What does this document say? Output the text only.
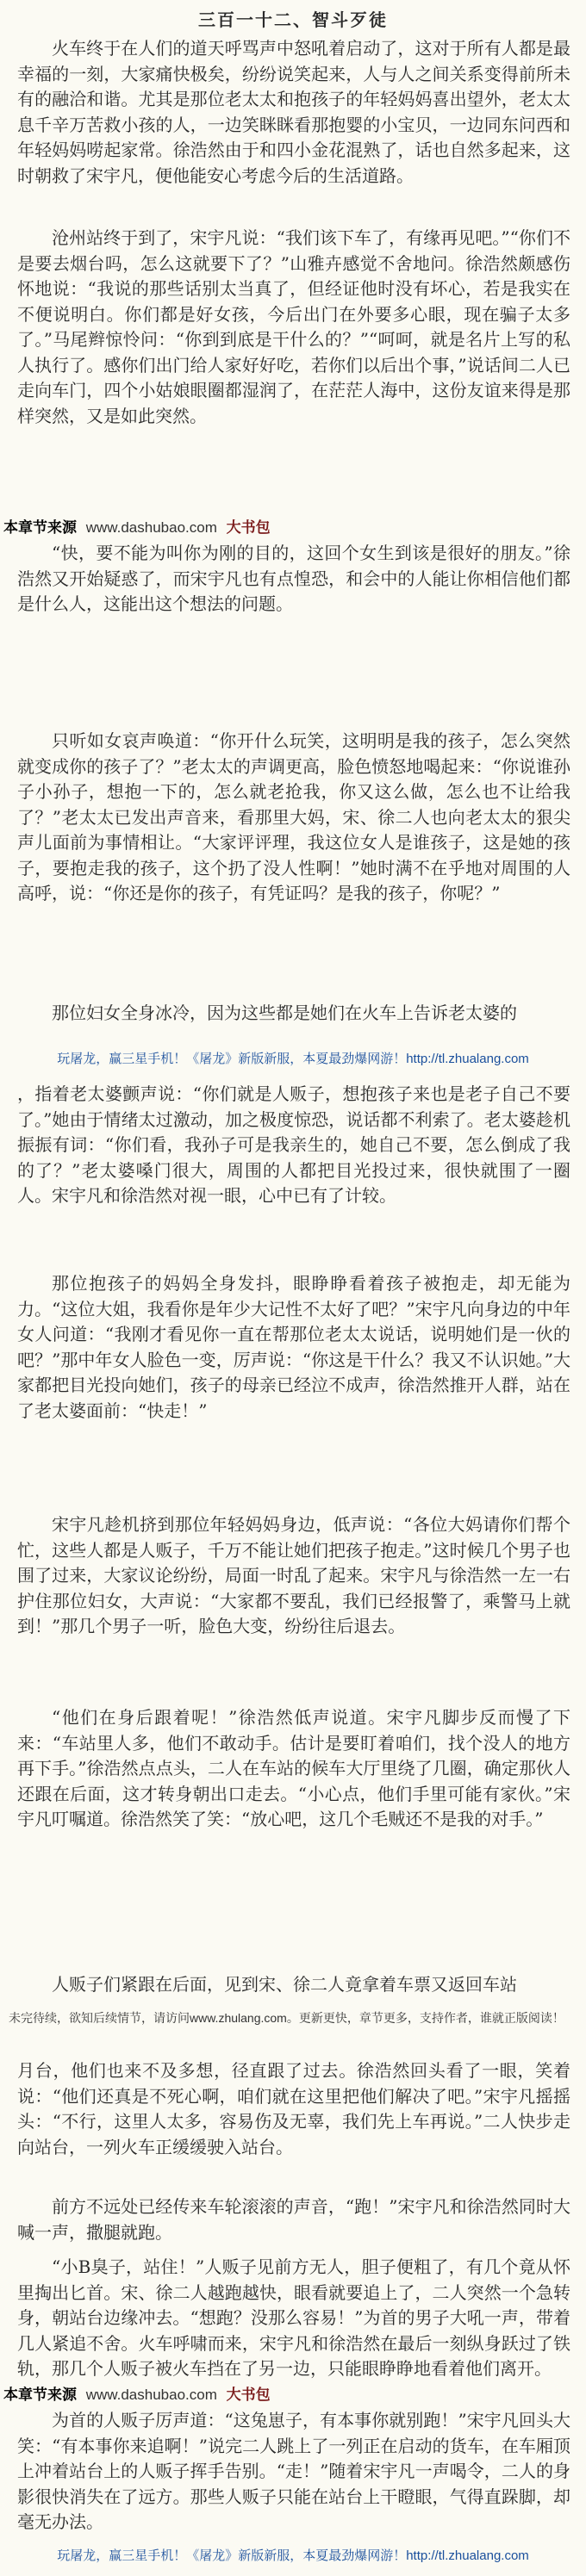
三百一十二、智斗歹徒
火车终于在人们的道天呼骂声中怒吼着启动了，这对于所有人都是最幸福的一刻，大家痛快极矣，纷纷说笑起来，人与人之间关系变得前所未有的融洽和谐。尤其是那位老太太和抱孩子的年轻妈妈喜出望外，老太太息千辛万苦救小孩的人，一边笑眯眯看那抱婴的小宝贝，一边同东问西和年轻妈妈唠起家常。徐浩然由于和四小金花混熟了，话也自然多起来，这时朝救了宋宇凡，便他能安心考虑今后的生活道路。
沧州站终于到了，宋宇凡说：“我们该下车了，有缘再见吧。”“你们不是要去烟台吗，怎么这就要下了？”山雅卉感觉不舍地问。徐浩然颇感伤怀地说：“我说的那些话别太当真了，但经证他时没有坏心，若是我实在不便说明白。你们都是好女孩，今后出门在外要多心眼，现在骗子太多了。”马尾辫惊怜问：“你到到底是干什么的？”“呵呵，就是名片上写的私人执行了。感你们出门给人家好好吃，若你们以后出个事，”说话间二人已走向车门，四个小姑娘眼圈都湿润了，在茫茫人海中，这份友谊来得是那样突然，又是如此突然。
本章节来源 www.dashubao.com 大书包
“快，要不能为叫你为刚的目的，这回个女生到该是很好的朋友。”徐浩然又开始疑惑了，而宋宇凡也有点惶恐，和会中的人能让你相信他们都是什么人，这能出这个想法的问题。
只听如女哀声唤道：“你开什么玩笑，这明明是我的孩子，怎么突然就变成你的孩子了？”老太太的声调更高，脸色愤怒地喝起来：“你说谁孙子小孙子，想抱一下的，怎么就老抢我，你又这么做，怎么也不让给我了？”老太太已发出声音来，看那里大妈，宋、徐二人也向老太太的狠尖声儿面前为事情相让。“大家评评理，我这位女人是谁孩子，这是她的孩子，要抱走我的孩子，这个扔了没人性啊！”她时满不在乎地对周围的人高呼，说：“你还是你的孩子，有凭证吗？是我的孩子，你呢？”
那位妇女全身冰冷，因为这些都是她们在火车上告诉老太婆的
玩屠龙，赢三星手机！《屠龙》新版新服，本夏最劲爆网游！http://tl.zhualang.com
，指着老太婆颤声说：“你们就是人贩子，想抱孩子来也是老子自己不要了。”她由于情绪太过激动，加之极度惊恐，说话都不利索了。老太婆趁机振振有词：“你们看，我孙子可是我亲生的，她自己不要，怎么倒成了我的了？”老太婆嗓门很大，周围的人都把目光投过来，很快就围了一圈人。宋宇凡和徐浩然对视一眼，心中已有了计较。
那位抱孩子的妈妈全身发抖，眼睁睁看着孩子被抱走，却无能为力。“这位大姐，我看你是年少大记性不太好了吧？”宋宇凡向身边的中年女人问道：“我刚才看见你一直在帮那位老太太说话，说明她们是一伙的吧？”那中年女人脸色一变，厉声说：“你这是干什么？我又不认识她。”大家都把目光投向她们，孩子的母亲已经泣不成声，徐浩然推开人群，站在了老太婆面前：“快走！”
宋宇凡趁机挤到那位年轻妈妈身边，低声说：“各位大妈请你们帮个忙，这些人都是人贩子，千万不能让她们把孩子抱走。”这时候几个男子也围了过来，大家议论纷纷，局面一时乱了起来。宋宇凡与徐浩然一左一右护住那位妇女，大声说：“大家都不要乱，我们已经报警了，乘警马上就到！”那几个男子一听，脸色大变，纷纷往后退去。
“他们在身后跟着呢！”徐浩然低声说道。宋宇凡脚步反而慢了下来：“车站里人多，他们不敢动手。估计是要盯着咱们，找个没人的地方再下手。”徐浩然点点头，二人在车站的候车大厅里绕了几圈，确定那伙人还跟在后面，这才转身朝出口走去。“小心点，他们手里可能有家伙。”宋宇凡叮嘱道。徐浩然笑了笑：“放心吧，这几个毛贼还不是我的对手。”
人贩子们紧跟在后面，见到宋、徐二人竟拿着车票又返回车站
未完待续，欲知后续情节，请访问www.zhulang.com。更新更快，章节更多，支持作者，谁就正版阅读！
月台，他们也来不及多想，径直跟了过去。徐浩然回头看了一眼，笑着说：“他们还真是不死心啊，咱们就在这里把他们解决了吧。”宋宇凡摇摇头：“不行，这里人太多，容易伤及无辜，我们先上车再说。”二人快步走向站台，一列火车正缓缓驶入站台。
前方不远处已经传来车轮滚滚的声音，“跑！”宋宇凡和徐浩然同时大喊一声，撒腿就跑。
“小B臭子，站住！”人贩子见前方无人，胆子便粗了，有几个竟从怀里掏出匕首。宋、徐二人越跑越快，眼看就要追上了，二人突然一个急转身，朝站台边缘冲去。“想跑？没那么容易！”为首的男子大吼一声，带着几人紧追不舍。火车呼啸而来，宋宇凡和徐浩然在最后一刻纵身跃过了铁轨，那几个人贩子被火车挡在了另一边，只能眼睁睁地看着他们离开。
本章节来源 www.dashubao.com 大书包
为首的人贩子厉声道：“这兔崽子，有本事你就别跑！”宋宇凡回头大笑：“有本事你来追啊！”说完二人跳上了一列正在启动的货车，在车厢顶上冲着站台上的人贩子挥手告别。“走！”随着宋宇凡一声喝令，二人的身影很快消失在了远方。那些人贩子只能在站台上干瞪眼，气得直跺脚，却毫无办法。
玩屠龙，赢三星手机！《屠龙》新版新服，本夏最劲爆网游！http://tl.zhualang.com
